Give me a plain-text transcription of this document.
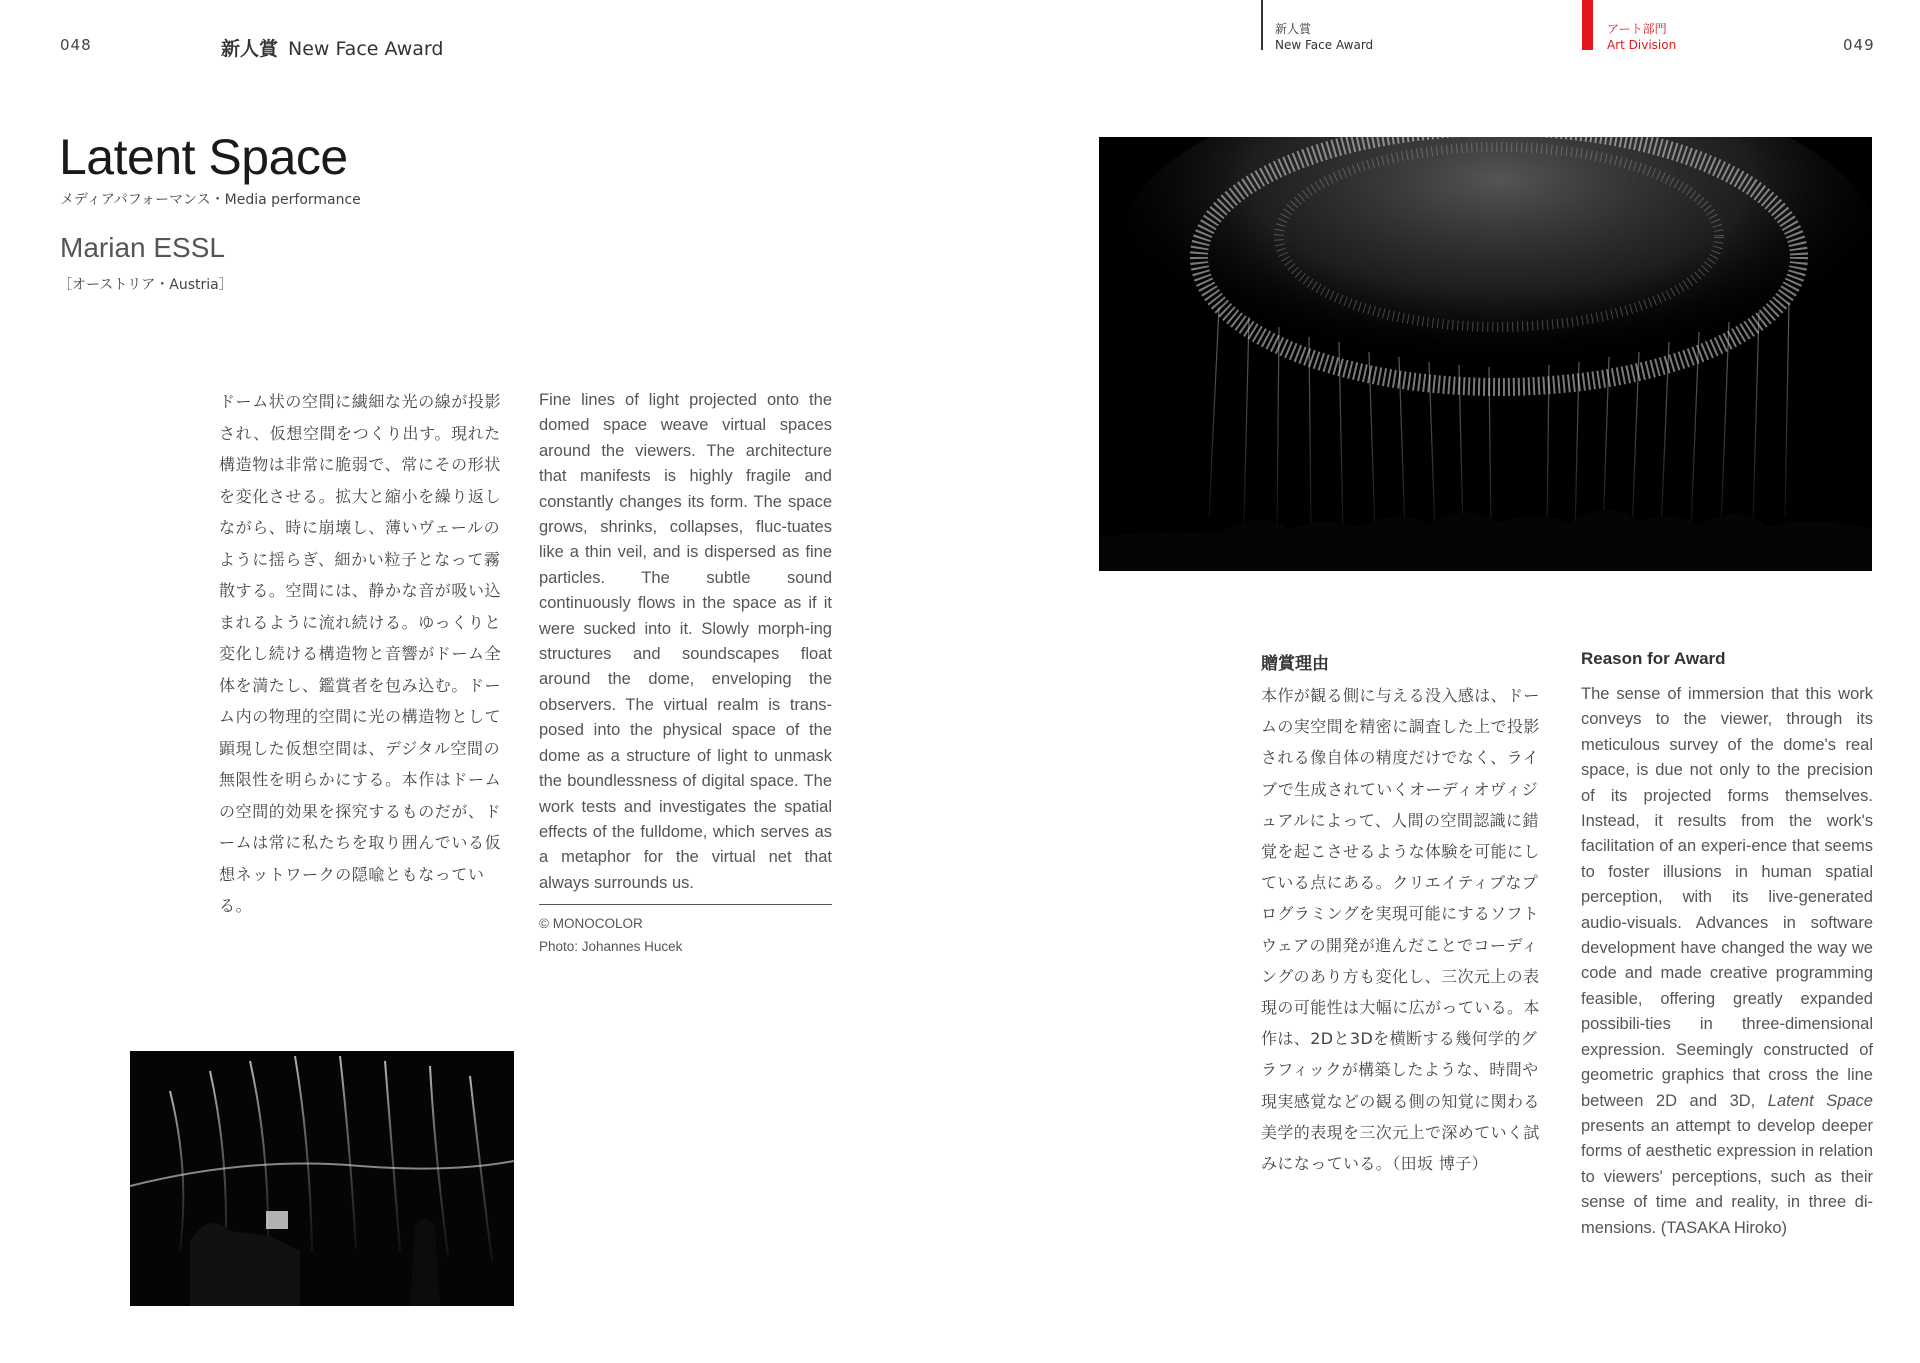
048	新人賞 New Face Award
新人賞
New Face Award
アート部門
Art Division	049
Latent Space
メディアパフォーマンス・Media performance
Marian ESSL
［オーストリア・Austria］
ドーム状の空間に繊細な光の線が投影され、仮想空間をつくり出す。現れた構造物は非常に脆弱で、常にその形状を変化させる。拡大と縮小を繰り返しながら、時に崩壊し、薄いヴェールのように揺らぎ、細かい粒子となって霧散する。空間には、静かな音が吸い込まれるように流れ続ける。ゆっくりと変化し続ける構造物と音響がドーム全体を満たし、鑑賞者を包み込む。ドーム内の物理的空間に光の構造物として顕現した仮想空間は、デジタル空間の無限性を明らかにする。本作はドームの空間的効果を探究するものだが、ドームは常に私たちを取り囲んでいる仮想ネットワークの隠喩ともなっている。
Fine lines of light projected onto the domed space weave virtual spaces around the viewers. The architecture that manifests is highly fragile and constantly changes its form. The space grows, shrinks, collapses, fluc-tuates like a thin veil, and is dispersed as fine particles. The subtle sound continuously flows in the space as if it were sucked into it. Slowly morph-ing structures and soundscapes float around the dome, enveloping the observers. The virtual realm is trans-posed into the physical space of the dome as a structure of light to unmask the boundlessness of digital space. The work tests and investigates the spatial effects of the fulldome, which serves as a metaphor for the virtual net that always surrounds us.
© MONOCOLOR
Photo: Johannes Hucek
贈賞理由	Reason for Award
本作が観る側に与える没入感は、ドームの実空間を精密に調査した上で投影される像自体の精度だけでなく、ライブで生成されていくオーディオヴィジュアルによって、人間の空間認識に錯覚を起こさせるような体験を可能にしている点にある。クリエイティブなプログラミングを実現可能にするソフトウェアの開発が進んだことでコーディングのあり方も変化し、三次元上の表現の可能性は大幅に広がっている。本作は、2Dと3Dを横断する幾何学的グラフィックが構築したような、時間や現実感覚などの観る側の知覚に関わる美学的表現を三次元上で深めていく試みになっている。（田坂 博子）
The sense of immersion that this work conveys to the viewer, through its meticulous survey of the dome's real space, is due not only to the precision of its projected forms themselves. Instead, it results from the work's facilitation of an experi-ence that seems to foster illusions in human spatial perception, with its live-generated audio-visuals. Advances in software development have changed the way we code and made creative programming feasible, offering greatly expanded possibili-ties in three-dimensional expression. Seemingly constructed of geometric graphics that cross the line between 2D and 3D, Latent Space presents an attempt to develop deeper forms of aesthetic expression in relation to viewers' perceptions, such as their sense of time and reality, in three di-mensions. (TASAKA Hiroko)
